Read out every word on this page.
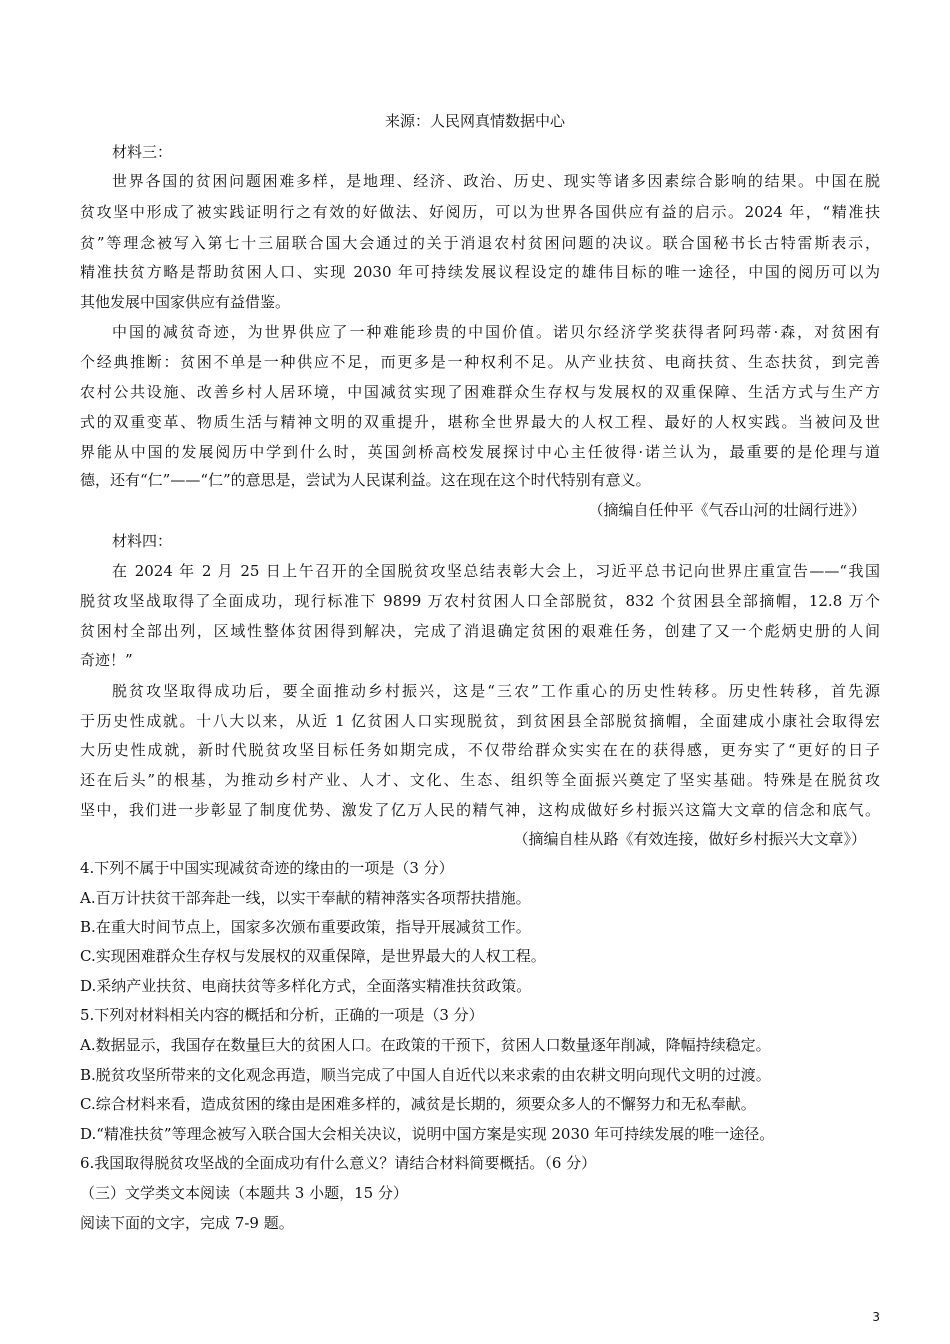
来源：人民网真情数据中心
材料三：
世界各国的贫困问题困难多样，是地理、经济、政治、历史、现实等诸多因素综合影响的结果。中国在脱
贫攻坚中形成了被实践证明行之有效的好做法、好阅历，可以为世界各国供应有益的启示。2024 年，“精准扶
贫”等理念被写入第七十三届联合国大会通过的关于消退农村贫困问题的决议。联合国秘书长古特雷斯表示，
精准扶贫方略是帮助贫困人口、实现 2030 年可持续发展议程设定的雄伟目标的唯一途径，中国的阅历可以为
其他发展中国家供应有益借鉴。
中国的减贫奇迹，为世界供应了一种难能珍贵的中国价值。诺贝尔经济学奖获得者阿玛蒂·森，对贫困有
个经典推断：贫困不单是一种供应不足，而更多是一种权利不足。从产业扶贫、电商扶贫、生态扶贫，到完善
农村公共设施、改善乡村人居环境，中国减贫实现了困难群众生存权与发展权的双重保障、生活方式与生产方
式的双重变革、物质生活与精神文明的双重提升，堪称全世界最大的人权工程、最好的人权实践。当被问及世
界能从中国的发展阅历中学到什么时，英国剑桥高校发展探讨中心主任彼得·诺兰认为，最重要的是伦理与道
德，还有“仁”——“仁”的意思是，尝试为人民谋利益。这在现在这个时代特别有意义。
（摘编自任仲平《气吞山河的壮阔行进》）
材料四：
在 2024 年 2 月 25 日上午召开的全国脱贫攻坚总结表彰大会上，习近平总书记向世界庄重宣告——“我国
脱贫攻坚战取得了全面成功，现行标准下 9899 万农村贫困人口全部脱贫，832 个贫困县全部摘帽，12.8 万个
贫困村全部出列，区域性整体贫困得到解决，完成了消退确定贫困的艰难任务，创建了又一个彪炳史册的人间
奇迹！”
脱贫攻坚取得成功后，要全面推动乡村振兴，这是“三农”工作重心的历史性转移。历史性转移，首先源
于历史性成就。十八大以来，从近 1 亿贫困人口实现脱贫，到贫困县全部脱贫摘帽，全面建成小康社会取得宏
大历史性成就，新时代脱贫攻坚目标任务如期完成，不仅带给群众实实在在的获得感，更夯实了“更好的日子
还在后头”的根基，为推动乡村产业、人才、文化、生态、组织等全面振兴奠定了坚实基础。特殊是在脱贫攻
坚中，我们进一步彰显了制度优势、激发了亿万人民的精气神，这构成做好乡村振兴这篇大文章的信念和底气。
（摘编自桂从路《有效连接，做好乡村振兴大文章》）
4.下列不属于中国实现减贫奇迹的缘由的一项是（3 分）
A.百万计扶贫干部奔赴一线，以实干奉献的精神落实各项帮扶措施。
B.在重大时间节点上，国家多次颁布重要政策，指导开展减贫工作。
C.实现困难群众生存权与发展权的双重保障，是世界最大的人权工程。
D.采纳产业扶贫、电商扶贫等多样化方式，全面落实精准扶贫政策。
5.下列对材料相关内容的概括和分析，正确的一项是（3 分）
A.数据显示，我国存在数量巨大的贫困人口。在政策的干预下，贫困人口数量逐年削减，降幅持续稳定。
B.脱贫攻坚所带来的文化观念再造，顺当完成了中国人自近代以来求索的由农耕文明向现代文明的过渡。
C.综合材料来看，造成贫困的缘由是困难多样的，减贫是长期的，须要众多人的不懈努力和无私奉献。
D.“精准扶贫”等理念被写入联合国大会相关决议，说明中国方案是实现 2030 年可持续发展的唯一途径。
6.我国取得脱贫攻坚战的全面成功有什么意义？请结合材料简要概括。（6 分）
（三）文学类文本阅读（本题共 3 小题，15 分）
阅读下面的文字，完成 7-9 题。
3
